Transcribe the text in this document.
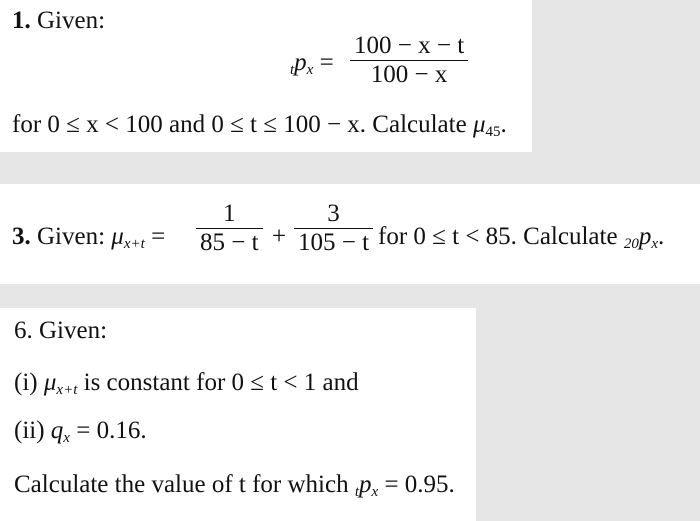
1. Given:
$tp_x$ =
100 − x − t
100 − x
for 0 ≤ x < 100 and 0 ≤ t ≤ 100 − x. Calculate $\mu_{45}$.
3. Given: $\mu_{x+t}$ =
1
85 − t +
3
105 − t for 0 ≤ t < 85. Calculate $20p_x$.
6. Given:
(i) $\mu_{x+t}$ is constant for 0 ≤ t < 1 and
(ii) $q_x = 0.16$.
Calculate the value of t for which $tp_x = 0.95$.
